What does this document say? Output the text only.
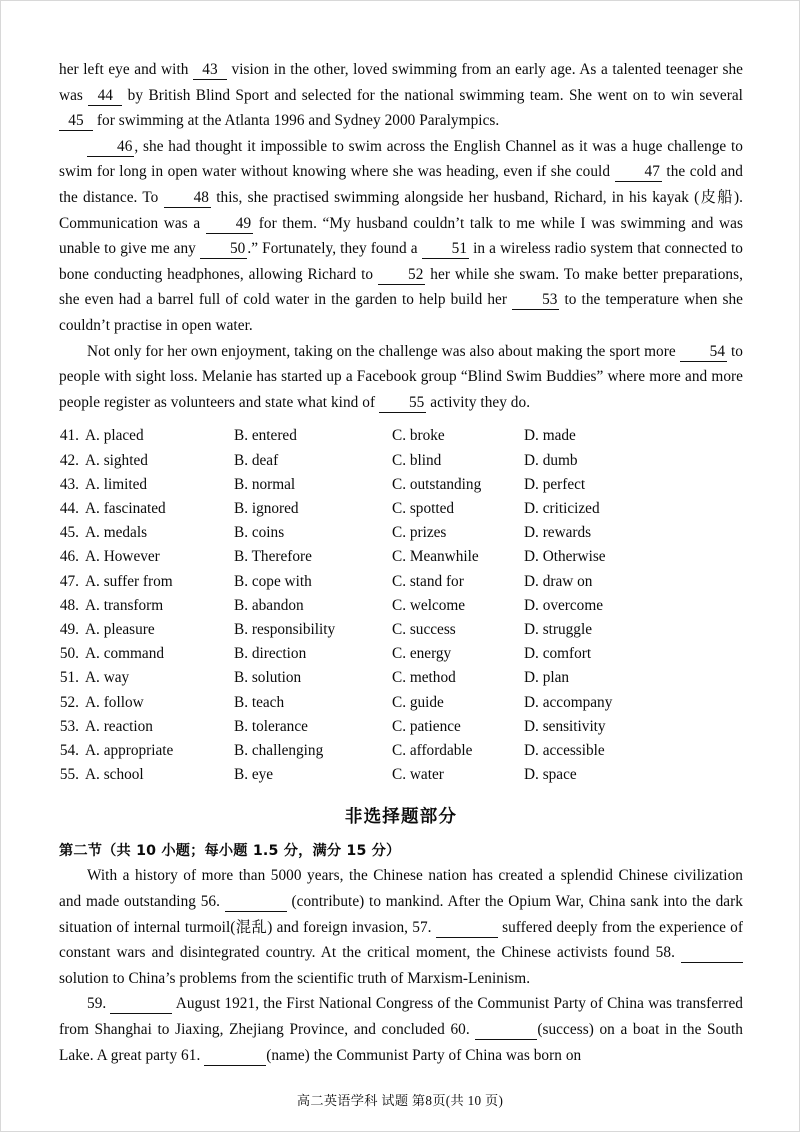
her left eye and with 43 vision in the other, loved swimming from an early age. As a talented teenager she was 44 by British Blind Sport and selected for the national swimming team. She went on to win several 45 for swimming at the Atlanta 1996 and Sydney 2000 Paralympics.

46 , she had thought it impossible to swim across the English Channel as it was a huge challenge to swim for long in open water without knowing where she was heading, even if she could 47 the cold and the distance. To 48 this, she practised swimming alongside her husband, Richard, in his kayak (皮船). Communication was a 49 for them. “My husband couldn’t talk to me while I was swimming and was unable to give me any 50 .” Fortunately, they found a 51 in a wireless radio system that connected to bone conducting headphones, allowing Richard to 52 her while she swam. To make better preparations, she even had a barrel full of cold water in the garden to help build her 53 to the temperature when she couldn’t practise in open water.

Not only for her own enjoyment, taking on the challenge was also about making the sport more 54 to people with sight loss. Melanie has started up a Facebook group “Blind Swim Buddies” where more and more people register as volunteers and state what kind of 55 activity they do.

41. A. placed	B. entered	C. broke	D. made
42. A. sighted	B. deaf	C. blind	D. dumb
43. A. limited	B. normal	C. outstanding	D. perfect
44. A. fascinated	B. ignored	C. spotted	D. criticized
45. A. medals	B. coins	C. prizes	D. rewards
46. A. However	B. Therefore	C. Meanwhile	D. Otherwise
47. A. suffer from	B. cope with	C. stand for	D. draw on
48. A. transform	B. abandon	C. welcome	D. overcome
49. A. pleasure	B. responsibility	C. success	D. struggle
50. A. command	B. direction	C. energy	D. comfort
51. A. way	B. solution	C. method	D. plan
52. A. follow	B. teach	C. guide	D. accompany
53. A. reaction	B. tolerance	C. patience	D. sensitivity
54. A. appropriate	B. challenging	C. affordable	D. accessible
55. A. school	B. eye	C. water	D. space
非选择题部分
第二节（共 10 小题；每小题 1.5 分，满分 15 分）

With a history of more than 5000 years, the Chinese nation has created a splendid Chinese civilization and made outstanding 56.	(contribute) to mankind. After the Opium War, China sank into the dark situation of internal turmoil(混乱) and foreign invasion, 57.	suffered deeply from the experience of constant wars and disintegrated country. At the critical moment, the Chinese activists found 58.   solution to China’s problems from the scientific truth of Marxism-Leninism.

59.	August 1921, the First National Congress of the Communist Party of China was transferred from Shanghai to Jiaxing, Zhejiang Province, and concluded 60.	(success) on a boat in the South Lake. A great party 61.	(name) the Communist Party of China was born on

高二英语学科 试题 第8页(共 10 页)
